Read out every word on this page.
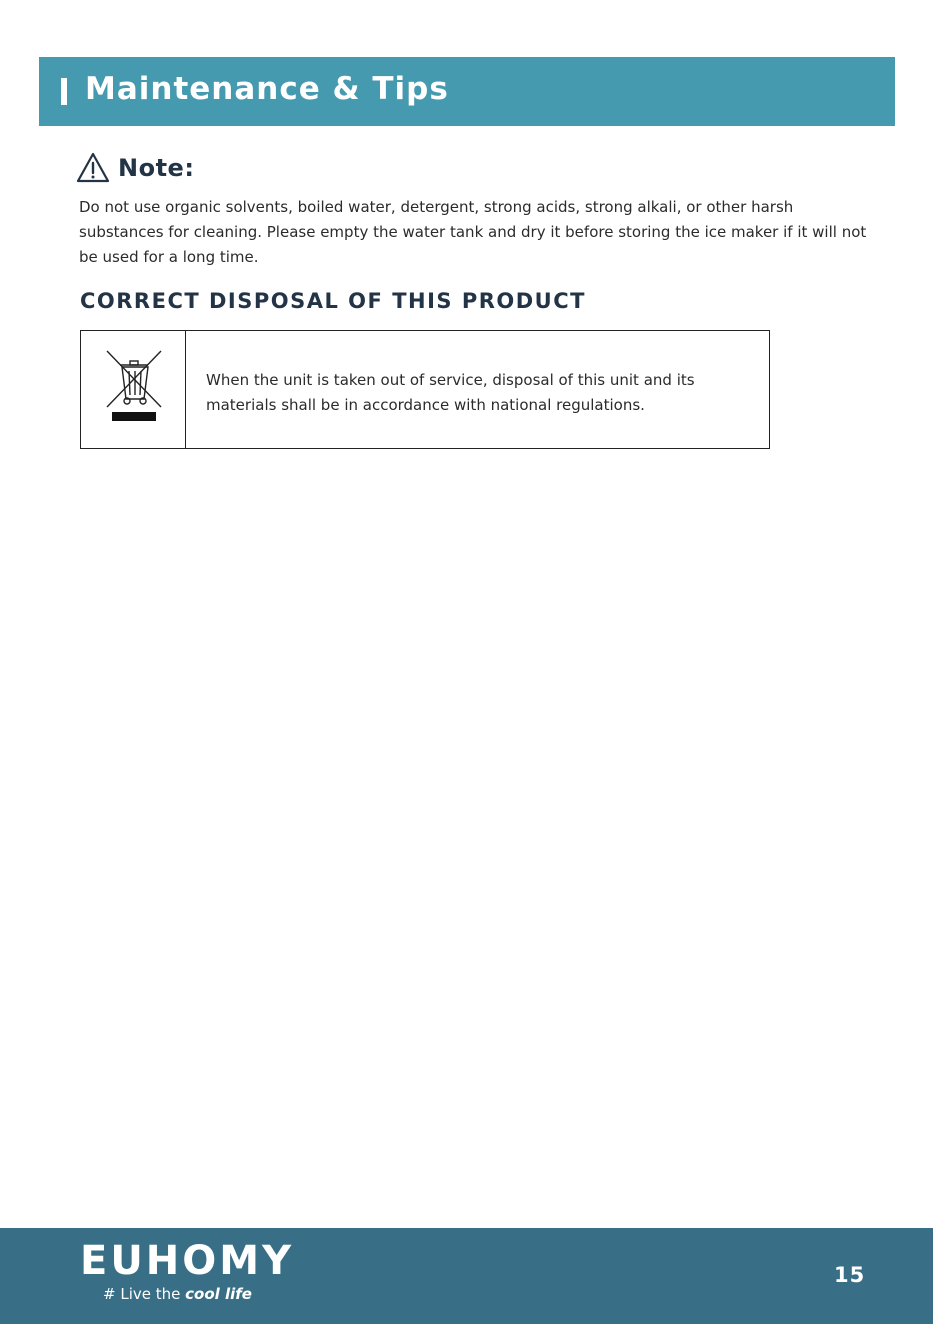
Maintenance & Tips
Note:

Do not use organic solvents, boiled water, detergent, strong acids, strong alkali, or other harsh substances for cleaning. Please empty the water tank and dry it before storing the ice maker if it will not be used for a long time.

CORRECT DISPOSAL OF THIS PRODUCT
When the unit is taken out of service, disposal of this unit and its materials shall be in accordance with national regulations.
EUHOMY
# Live the cool life
15
